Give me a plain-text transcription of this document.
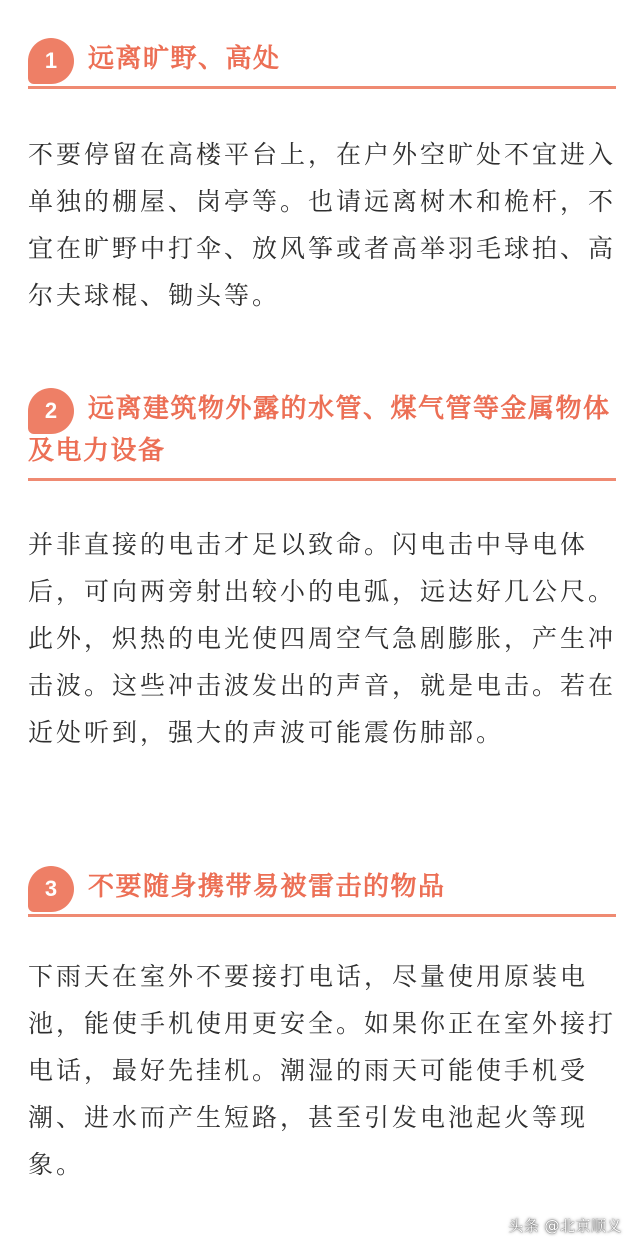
1	远离旷野、高处

不要停留在高楼平台上，在户外空旷处不宜进入单独的棚屋、岗亭等。也请远离树木和桅杆，不宜在旷野中打伞、放风筝或者高举羽毛球拍、高尔夫球棍、锄头等。

2	远离建筑物外露的水管、煤气管等金属物体及电力设备

并非直接的电击才足以致命。闪电击中导电体后，可向两旁射出较小的电弧，远达好几公尺。此外，炽热的电光使四周空气急剧膨胀，产生冲击波。这些冲击波发出的声音，就是电击。若在近处听到，强大的声波可能震伤肺部。

3	不要随身携带易被雷击的物品

下雨天在室外不要接打电话，尽量使用原装电池，能使手机使用更安全。如果你正在室外接打电话，最好先挂机。潮湿的雨天可能使手机受潮、进水而产生短路，甚至引发电池起火等现象。

头条 @北京顺义
